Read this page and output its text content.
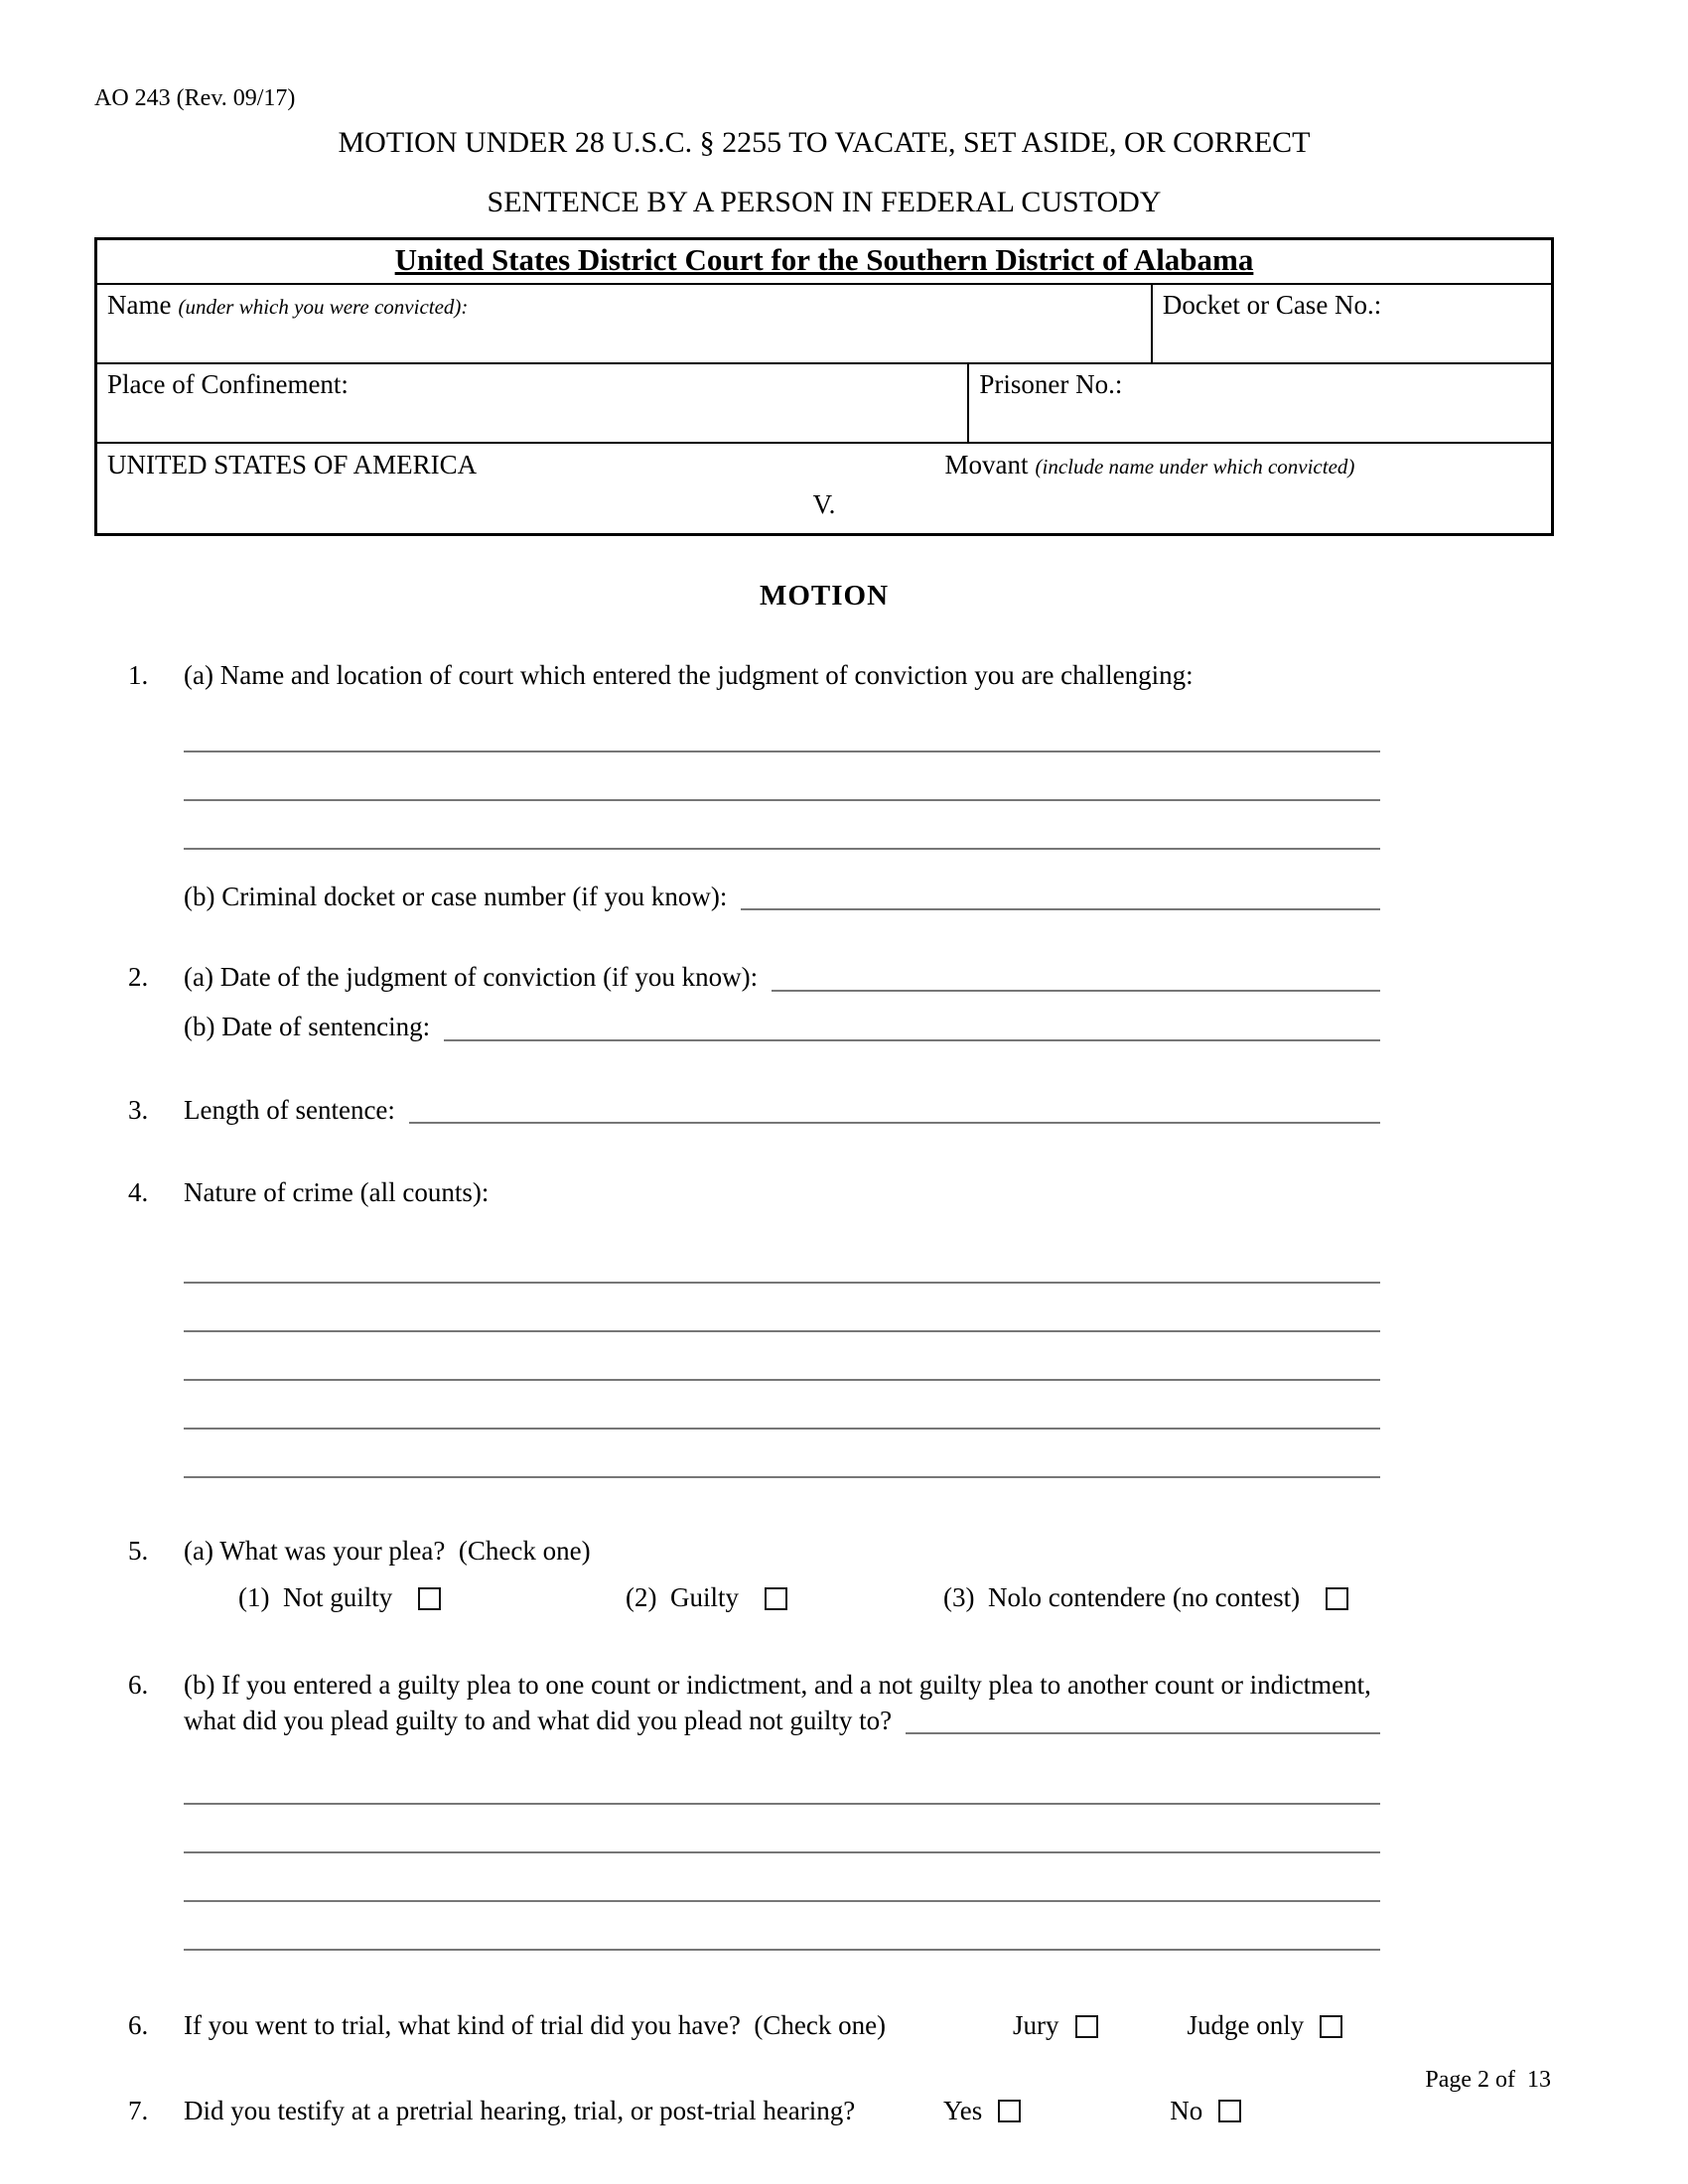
AO 243 (Rev. 09/17)
MOTION UNDER 28 U.S.C. § 2255 TO VACATE, SET ASIDE, OR CORRECT
SENTENCE BY A PERSON IN FEDERAL CUSTODY
United States District Court for the Southern District of Alabama
Name (under which you were convicted):	Docket or Case No.:
Place of Confinement:	Prisoner No.:
UNITED STATES OF AMERICA	Movant (include name under which convicted)
V.
MOTION
1. (a) Name and location of court which entered the judgment of conviction you are challenging:
(b) Criminal docket or case number (if you know):
2. (a) Date of the judgment of conviction (if you know):
(b) Date of sentencing:
3. Length of sentence:
4. Nature of crime (all counts):
5. (a) What was your plea?  (Check one)
(1)  Not guilty	(2)  Guilty	(3)  Nolo contendere (no contest)
6. (b) If you entered a guilty plea to one count or indictment, and a not guilty plea to another count or indictment,
what did you plead guilty to and what did you plead not guilty to?
6. If you went to trial, what kind of trial did you have?  (Check one)	Jury	Judge only
7. Did you testify at a pretrial hearing, trial, or post-trial hearing?	Yes	No
Page 2 of  13
